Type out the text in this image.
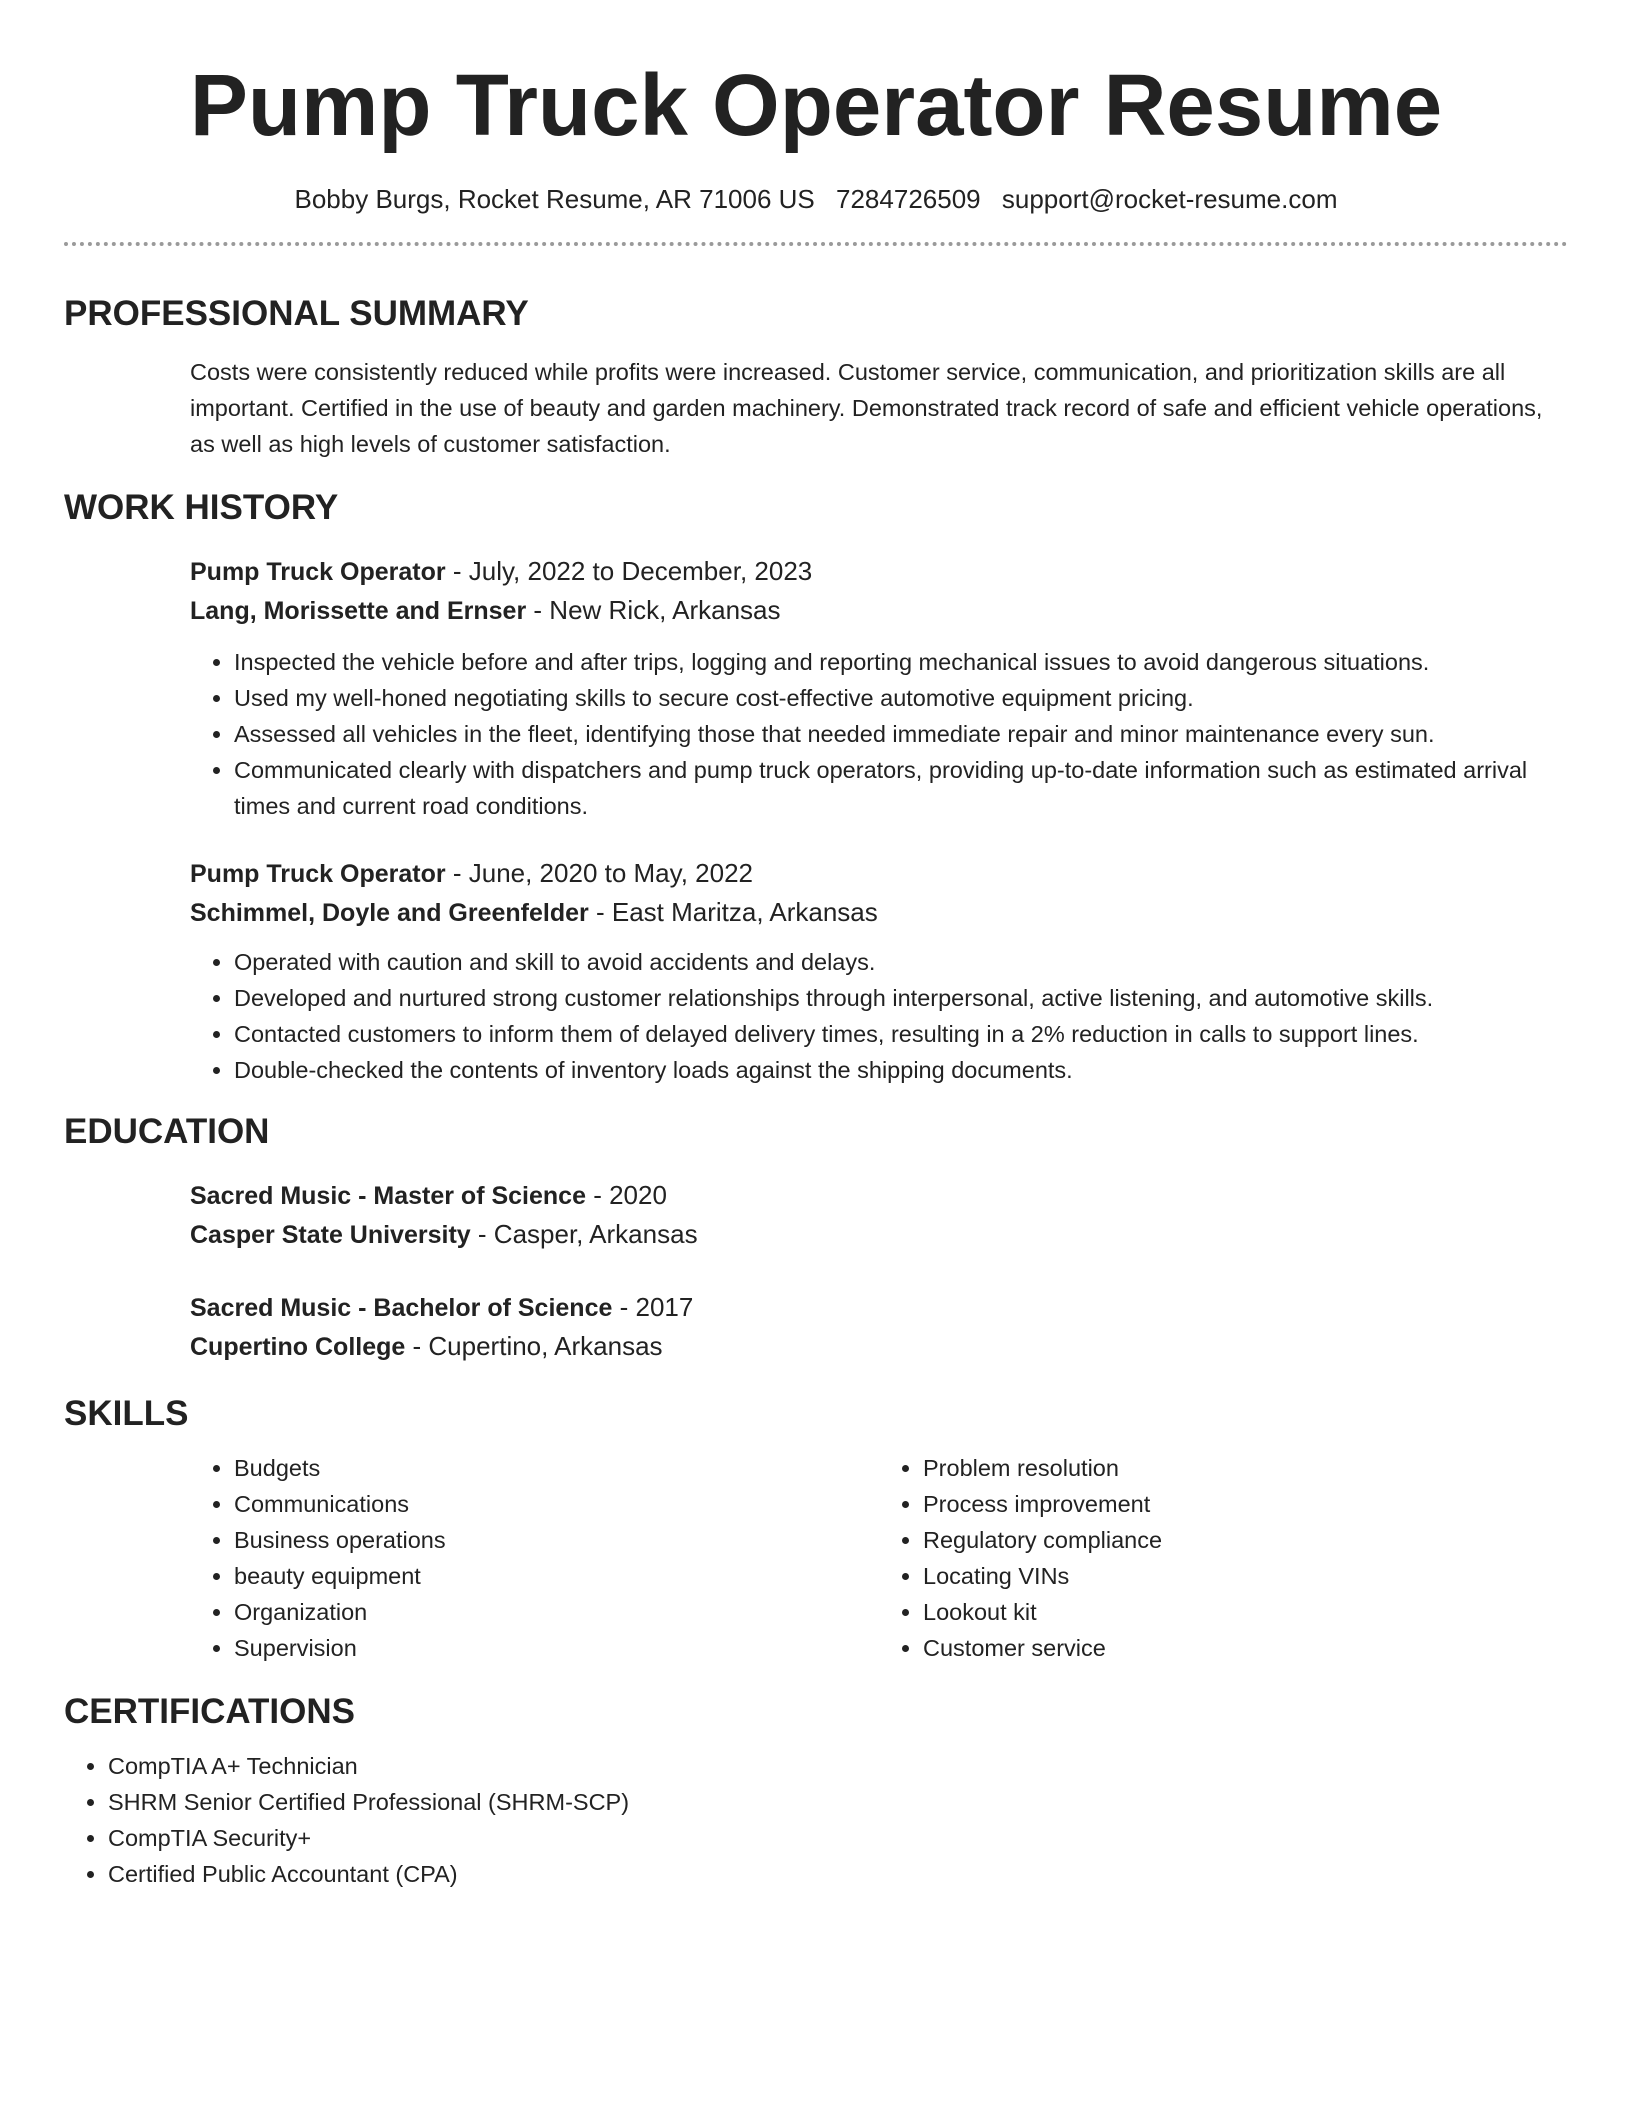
Pump Truck Operator Resume
Bobby Burgs, Rocket Resume, AR 71006 US 7284726509 support@rocket-resume.com
PROFESSIONAL SUMMARY

Costs were consistently reduced while profits were increased. Customer service, communication, and prioritization skills are all important. Certified in the use of beauty and garden machinery. Demonstrated track record of safe and efficient vehicle operations, as well as high levels of customer satisfaction.

WORK HISTORY
Pump Truck Operator - July, 2022 to December, 2023
Lang, Morissette and Ernser - New Rick, Arkansas
• Inspected the vehicle before and after trips, logging and reporting mechanical issues to avoid dangerous situations.
• Used my well-honed negotiating skills to secure cost-effective automotive equipment pricing.
• Assessed all vehicles in the fleet, identifying those that needed immediate repair and minor maintenance every sun.
• Communicated clearly with dispatchers and pump truck operators, providing up-to-date information such as estimated arrival times and current road conditions.
Pump Truck Operator - June, 2020 to May, 2022
Schimmel, Doyle and Greenfelder - East Maritza, Arkansas
• Operated with caution and skill to avoid accidents and delays.
• Developed and nurtured strong customer relationships through interpersonal, active listening, and automotive skills.
• Contacted customers to inform them of delayed delivery times, resulting in a 2% reduction in calls to support lines.
• Double-checked the contents of inventory loads against the shipping documents.
EDUCATION
Sacred Music - Master of Science - 2020
Casper State University - Casper, Arkansas
Sacred Music - Bachelor of Science - 2017
Cupertino College - Cupertino, Arkansas
SKILLS
• Budgets
• Communications
• Business operations
• beauty equipment
• Organization
• Supervision
• Problem resolution
• Process improvement
• Regulatory compliance
• Locating VINs
• Lookout kit
• Customer service
CERTIFICATIONS
• CompTIA A+ Technician
• SHRM Senior Certified Professional (SHRM-SCP)
• CompTIA Security+
• Certified Public Accountant (CPA)
